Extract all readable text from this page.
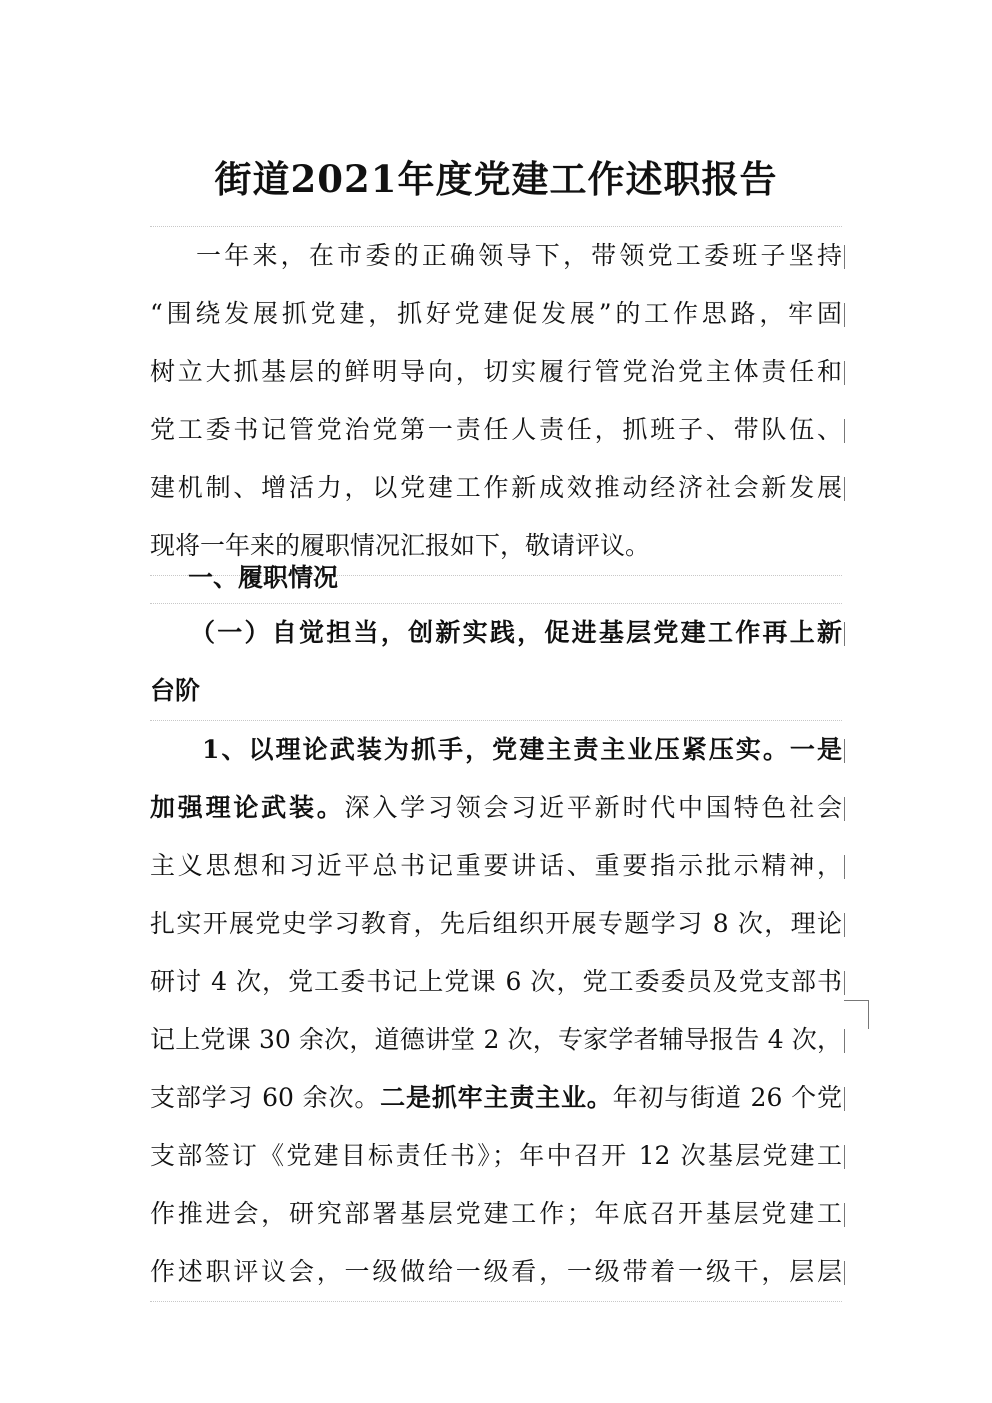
街道2021年度党建工作述职报告
一年来，在市委的正确领导下，带领党工委班子坚持
“围绕发展抓党建，抓好党建促发展”的工作思路，牢固
树立大抓基层的鲜明导向，切实履行管党治党主体责任和
党工委书记管党治党第一责任人责任，抓班子、带队伍、
建机制、增活力，以党建工作新成效推动经济社会新发展
现将一年来的履职情况汇报如下，敬请评议。
一、履职情况
（一）自觉担当，创新实践，促进基层党建工作再上新
台阶
1、以理论武装为抓手，党建主责主业压紧压实。一是
加强理论武装。深入学习领会习近平新时代中国特色社会
主义思想和习近平总书记重要讲话、重要指示批示精神，
扎实开展党史学习教育，先后组织开展专题学习 8 次，理论
研讨 4 次，党工委书记上党课 6 次，党工委委员及党支部书
记上党课 30 余次，道德讲堂 2 次，专家学者辅导报告 4 次，
支部学习 60 余次。二是抓牢主责主业。年初与街道 26 个党
支部签订《党建目标责任书》；年中召开 12 次基层党建工
作推进会，研究部署基层党建工作；年底召开基层党建工
作述职评议会，一级做给一级看，一级带着一级干，层层
